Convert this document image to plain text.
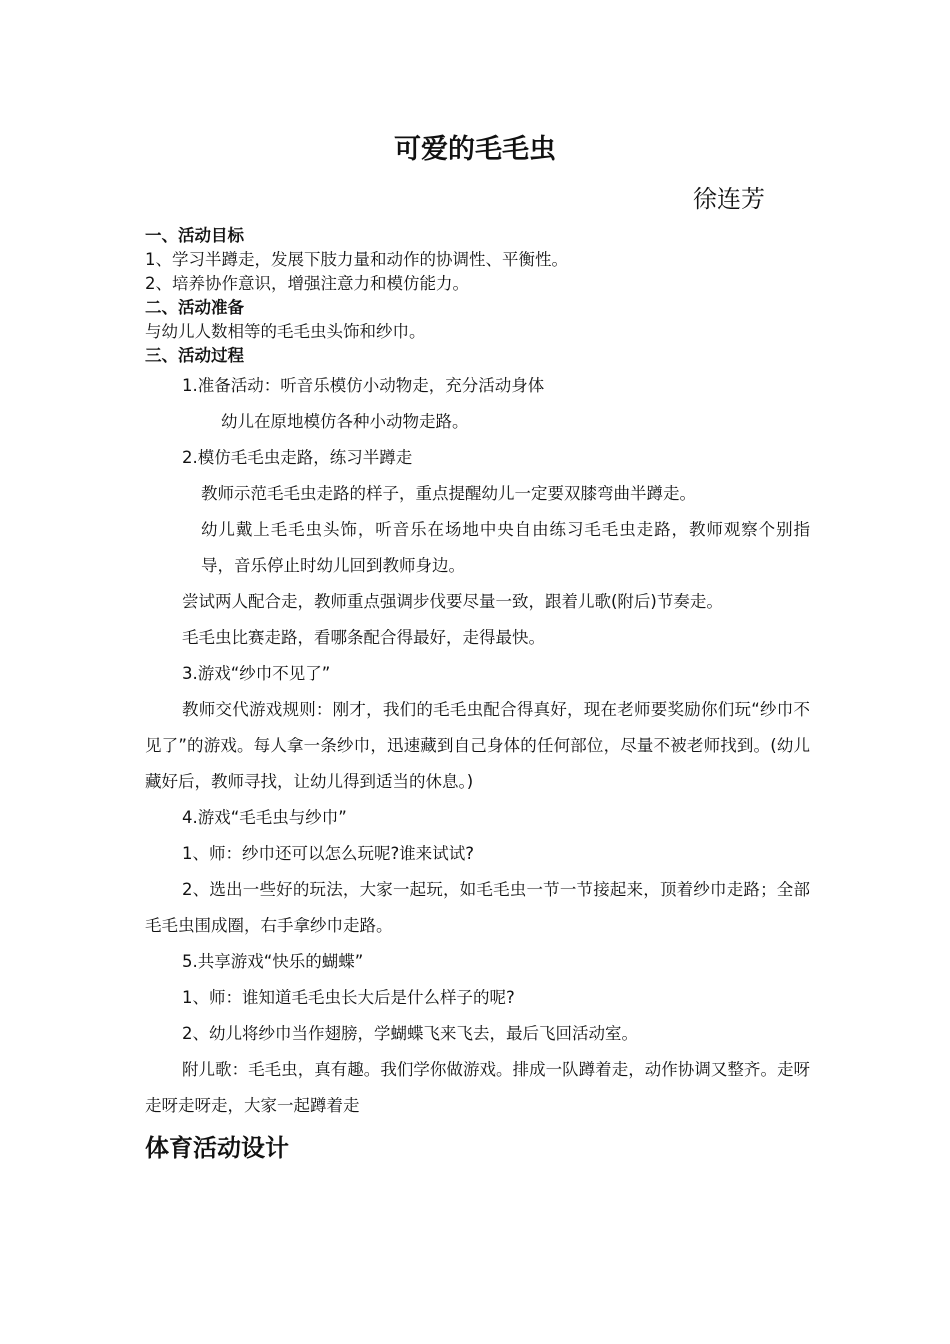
可爱的毛毛虫
徐连芳
一、活动目标

1、学习半蹲走，发展下肢力量和动作的协调性、平衡性。

2、培养协作意识，增强注意力和模仿能力。

二、活动准备

与幼儿人数相等的毛毛虫头饰和纱巾。

三、活动过程

1.准备活动：听音乐模仿小动物走，充分活动身体

幼儿在原地模仿各种小动物走路。

2.模仿毛毛虫走路，练习半蹲走

教师示范毛毛虫走路的样子，重点提醒幼儿一定要双膝弯曲半蹲走。

幼儿戴上毛毛虫头饰，听音乐在场地中央自由练习毛毛虫走路，教师观察个别指导，音乐停止时幼儿回到教师身边。

尝试两人配合走，教师重点强调步伐要尽量一致，跟着儿歌(附后)节奏走。

毛毛虫比赛走路，看哪条配合得最好，走得最快。

3.游戏“纱巾不见了”

教师交代游戏规则：刚才，我们的毛毛虫配合得真好，现在老师要奖励你们玩“纱巾不见了”的游戏。每人拿一条纱巾，迅速藏到自己身体的任何部位，尽量不被老师找到。(幼儿藏好后，教师寻找，让幼儿得到适当的休息。)

4.游戏“毛毛虫与纱巾”

1、师：纱巾还可以怎么玩呢?谁来试试?

2、选出一些好的玩法，大家一起玩，如毛毛虫一节一节接起来，顶着纱巾走路；全部毛毛虫围成圈，右手拿纱巾走路。

5.共享游戏“快乐的蝴蝶”

1、师：谁知道毛毛虫长大后是什么样子的呢?

2、幼儿将纱巾当作翅膀，学蝴蝶飞来飞去，最后飞回活动室。

附儿歌：毛毛虫，真有趣。我们学你做游戏。排成一队蹲着走，动作协调又整齐。走呀走呀走呀走，大家一起蹲着走

体育活动设计
